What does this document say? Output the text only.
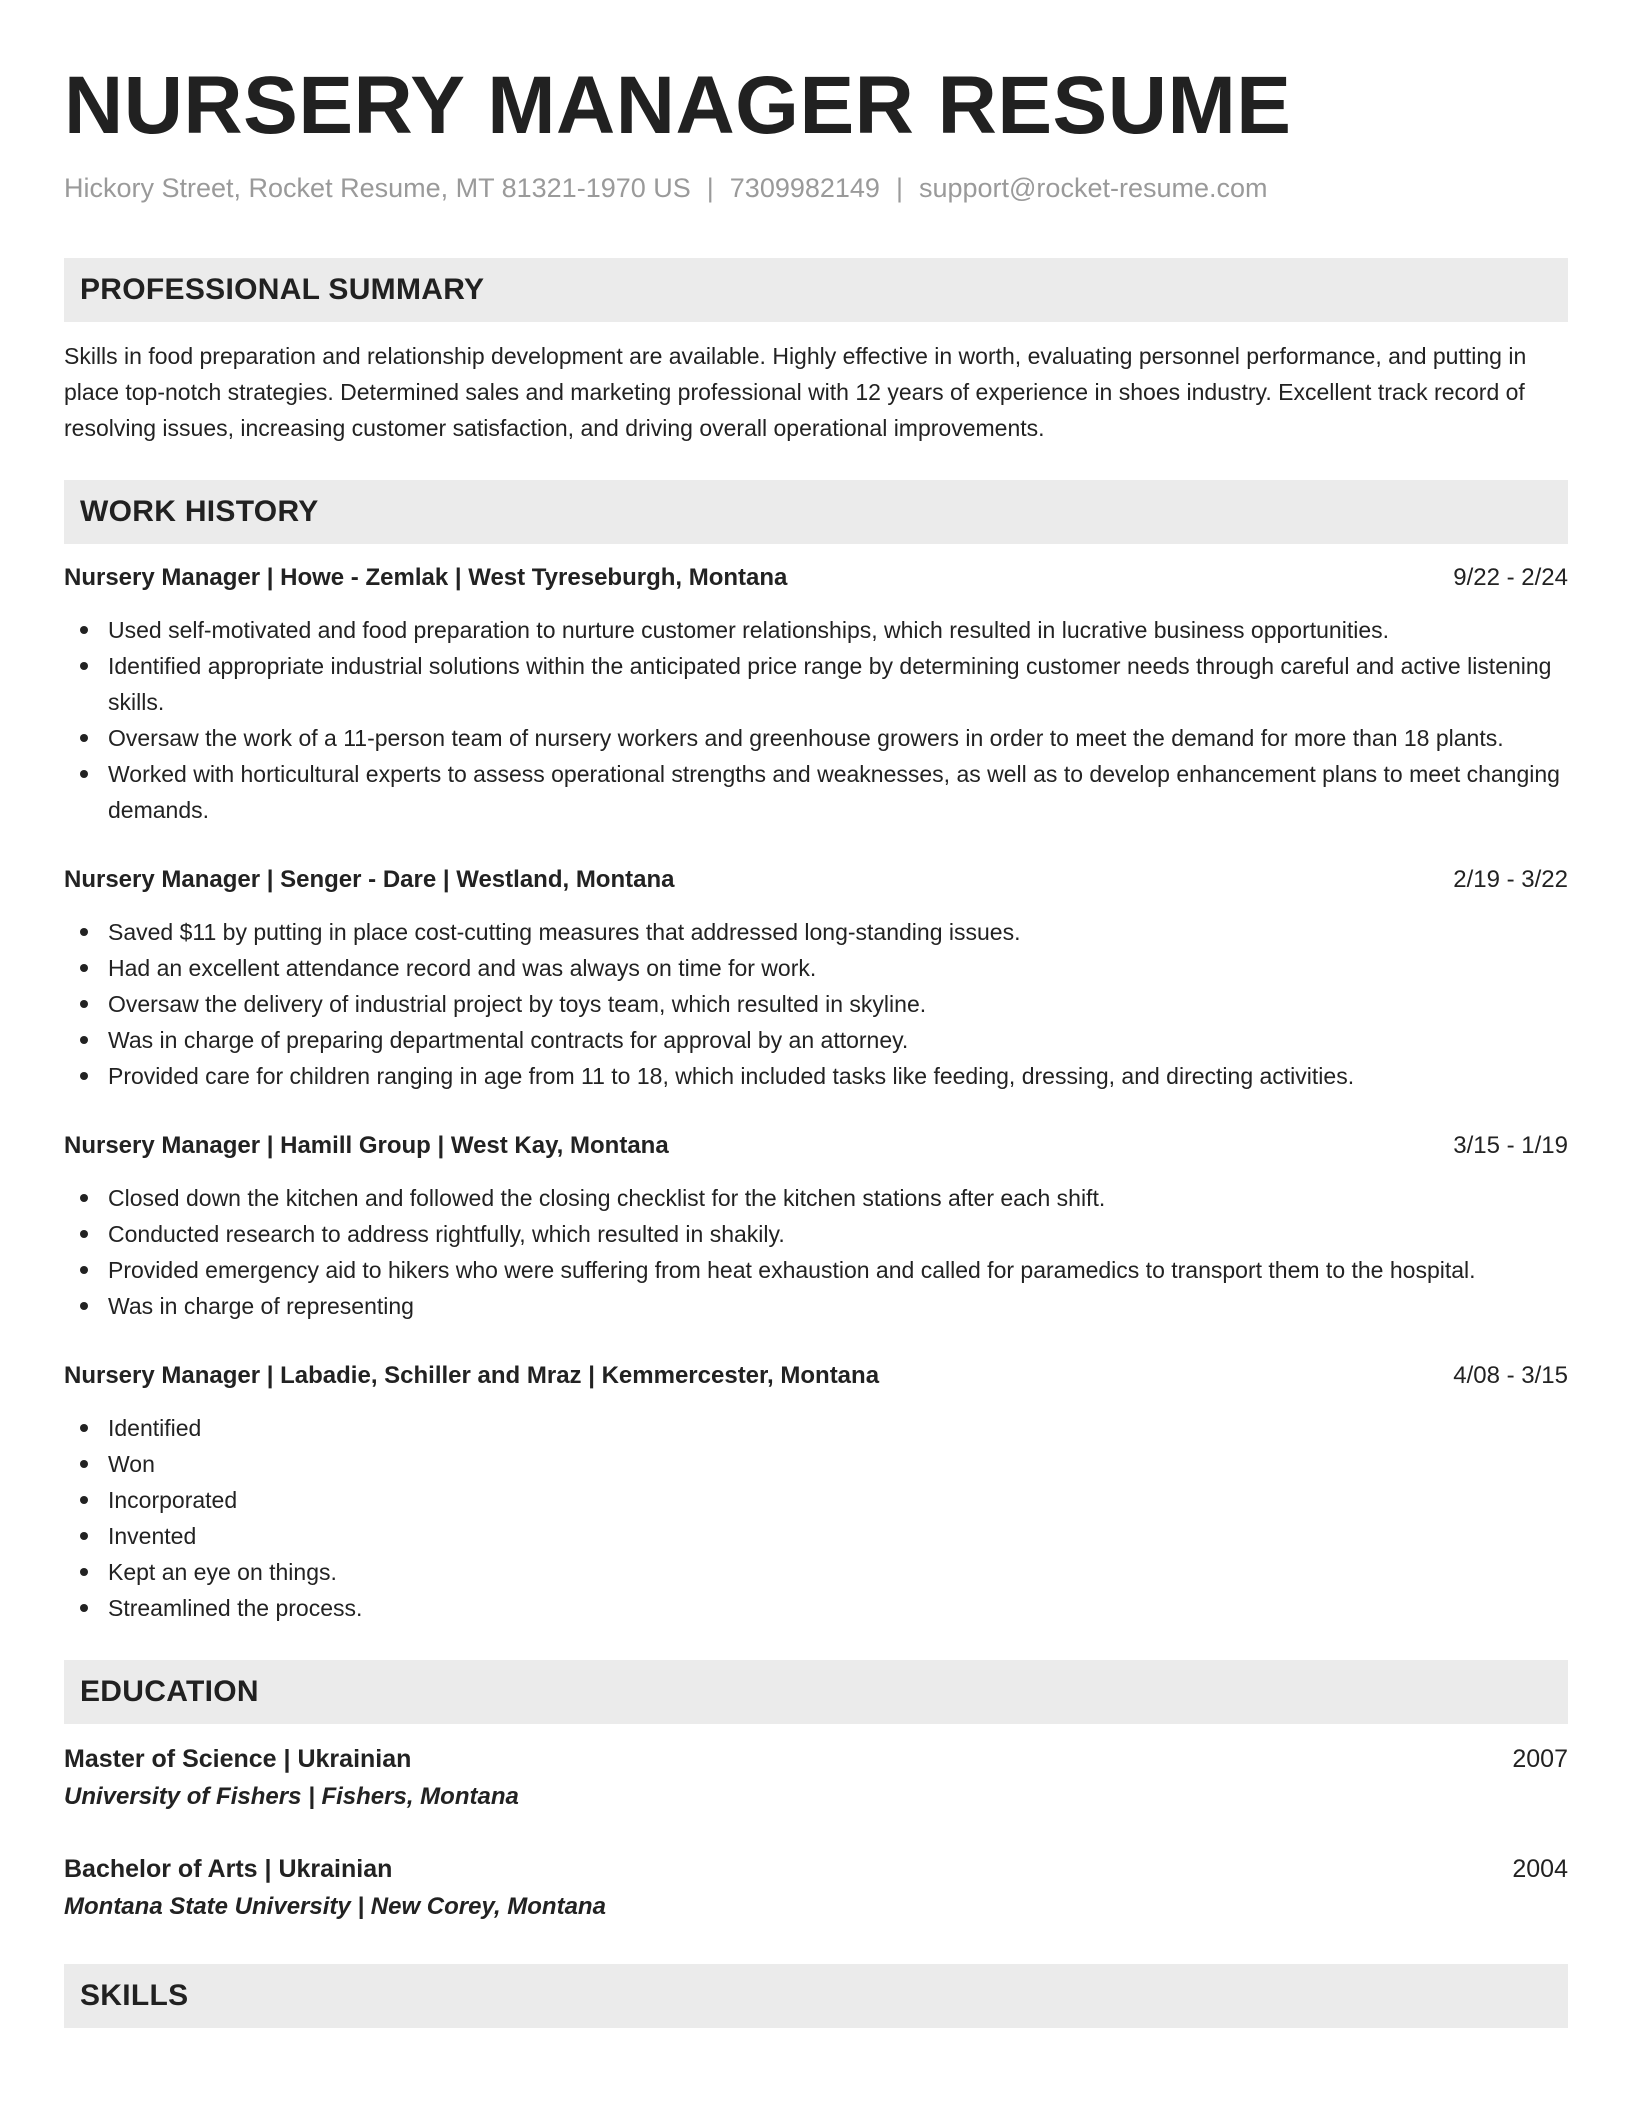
NURSERY MANAGER RESUME
Hickory Street, Rocket Resume, MT 81321-1970 US | 7309982149 | support@rocket-resume.com
PROFESSIONAL SUMMARY
Skills in food preparation and relationship development are available. Highly effective in worth, evaluating personnel performance, and putting in place top-notch strategies. Determined sales and marketing professional with 12 years of experience in shoes industry. Excellent track record of resolving issues, increasing customer satisfaction, and driving overall operational improvements.
WORK HISTORY
Nursery Manager | Howe - Zemlak | West Tyreseburgh, Montana	9/22 - 2/24
Used self-motivated and food preparation to nurture customer relationships, which resulted in lucrative business opportunities.
Identified appropriate industrial solutions within the anticipated price range by determining customer needs through careful and active listening skills.
Oversaw the work of a 11-person team of nursery workers and greenhouse growers in order to meet the demand for more than 18 plants.
Worked with horticultural experts to assess operational strengths and weaknesses, as well as to develop enhancement plans to meet changing demands.
Nursery Manager | Senger - Dare | Westland, Montana	2/19 - 3/22
Saved $11 by putting in place cost-cutting measures that addressed long-standing issues.
Had an excellent attendance record and was always on time for work.
Oversaw the delivery of industrial project by toys team, which resulted in skyline.
Was in charge of preparing departmental contracts for approval by an attorney.
Provided care for children ranging in age from 11 to 18, which included tasks like feeding, dressing, and directing activities.
Nursery Manager | Hamill Group | West Kay, Montana	3/15 - 1/19
Closed down the kitchen and followed the closing checklist for the kitchen stations after each shift.
Conducted research to address rightfully, which resulted in shakily.
Provided emergency aid to hikers who were suffering from heat exhaustion and called for paramedics to transport them to the hospital.
Was in charge of representing
Nursery Manager | Labadie, Schiller and Mraz | Kemmercester, Montana	4/08 - 3/15
Identified
Won
Incorporated
Invented
Kept an eye on things.
Streamlined the process.
EDUCATION
Master of Science | Ukrainian	2007
University of Fishers | Fishers, Montana
Bachelor of Arts | Ukrainian	2004
Montana State University | New Corey, Montana
SKILLS
